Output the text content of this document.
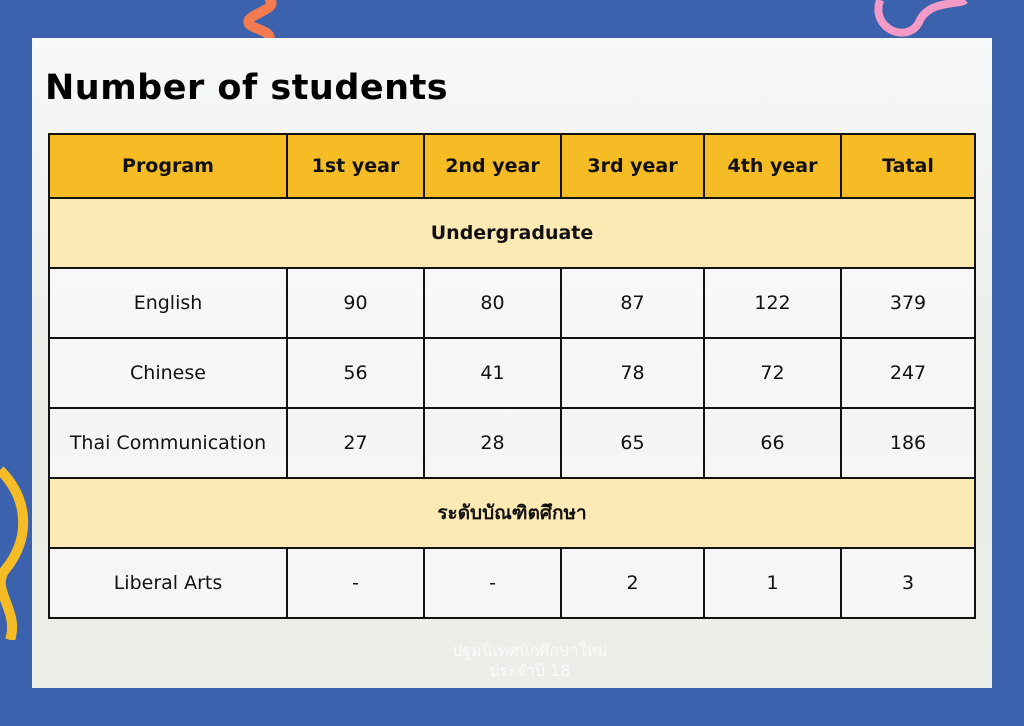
Number of students
Program	1st year	2nd year	3rd year	4th year	Tatal
Undergraduate					
English	90	80	87	122	379
Chinese	56	41	78	72	247
Thai Communication	27	28	65	66	186
ระดับบัณฑิตศึกษา					
Liberal Arts	-	-	2	1	3
ปฐมนิเทศนักศึกษาใหม่
ประจำปี 18
